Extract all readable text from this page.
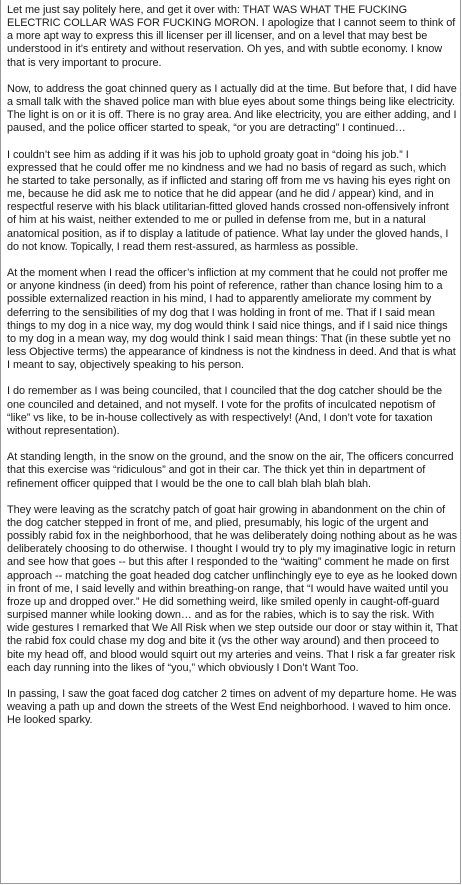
Let me just say politely here, and get it over with: THAT WAS WHAT THE FUCKING ELECTRIC COLLAR WAS FOR FUCKING MORON. I apologize that I cannot seem to think of a more apt way to express this ill licenser per ill licenser, and on a level that may best be understood in it’s entirety and without reservation. Oh yes, and with subtle economy. I know that is very important to procure.

Now, to address the goat chinned query as I actually did at the time. But before that, I did have a small talk with the shaved police man with blue eyes about some things being like electricity. The light is on or it is off. There is no gray area. And like electricity, you are either adding, and I paused, and the police officer started to speak, “or you are detracting” I continued…

I couldn’t see him as adding if it was his job to uphold groaty goat in “doing his job.” I expressed that he could offer me no kindness and we had no basis of regard as such, which he started to take personally, as if inflicted and staring off from me vs having his eyes right on me, because he did ask me to notice that he did appear (and he did / appear) kind, and in respectful reserve with his black utilitarian-fitted gloved hands crossed non-offensively infront of him at his waist, neither extended to me or pulled in defense from me, but in a natural anatomical position, as if to display a latitude of patience. What lay under the gloved hands, I do not know. Topically, I read them rest-assured, as harmless as possible.

At the moment when I read the officer’s infliction at my comment that he could not proffer me or anyone kindness (in deed) from his point of reference, rather than chance losing him to a possible externalized reaction in his mind, I had to apparently ameliorate my comment by deferring to the sensibilities of my dog that I was holding in front of me. That if I said mean things to my dog in a nice way, my dog would think I said nice things, and if I said nice things to my dog in a mean way, my dog would think I said mean things: That (in these subtle yet no less Objective terms) the appearance of kindness is not the kindness in deed. And that is what I meant to say, objectively speaking to his person.

I do remember as I was being counciled, that I counciled that the dog catcher should be the one counciled and detained, and not myself. I vote for the profits of inculcated nepotism of “like” vs like, to be in-house collectively as with respectively! (And, I don’t vote for taxation without representation).

At standing length, in the snow on the ground, and the snow on the air, The officers concurred that this exercise was “ridiculous” and got in their car. The thick yet thin in department of refinement officer quipped that I would be the one to call blah blah blah blah.

They were leaving as the scratchy patch of goat hair growing in abandonment on the chin of the dog catcher stepped in front of me, and plied, presumably, his logic of the urgent and possibly rabid fox in the neighborhood, that he was deliberately doing nothing about as he was deliberately choosing to do otherwise. I thought I would try to ply my imaginative logic in return and see how that goes -- but this after I responded to the “waiting” comment he made on first approach -- matching the goat headed dog catcher unflinchingly eye to eye as he looked down in front of me, I said levelly and within breathing-on range, that “I would have waited until you froze up and dropped over.” He did something weird, like smiled openly in caught-off-guard surpised manner while looking down… and as for the rabies, which is to say the risk. With wide gestures I remarked that We All Risk when we step outside our door or stay within it, That the rabid fox could chase my dog and bite it (vs the other way around) and then proceed to bite my head off, and blood would squirt out my arteries and veins. That I risk a far greater risk each day running into the likes of “you,” which obviously I Don’t Want Too.

In passing, I saw the goat faced dog catcher 2 times on advent of my departure home. He was weaving a path up and down the streets of the West End neighborhood. I waved to him once. He looked sparky.
